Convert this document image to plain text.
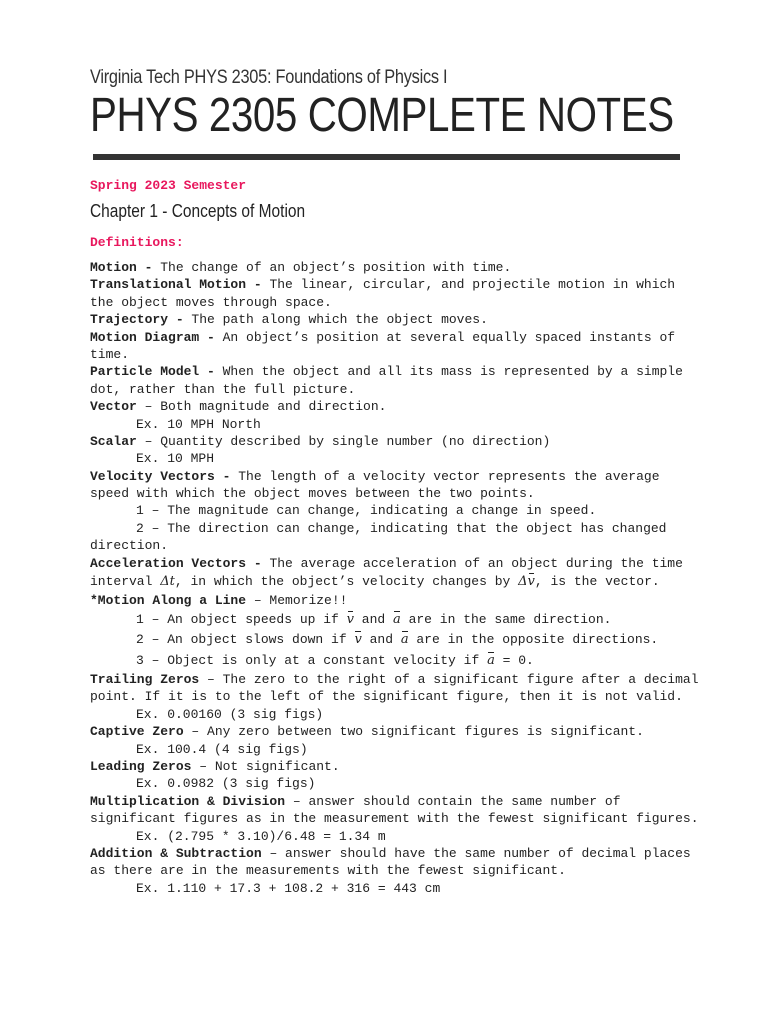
Virginia Tech PHYS 2305: Foundations of Physics I
PHYS 2305 COMPLETE NOTES
Spring 2023 Semester
Chapter 1 - Concepts of Motion
Definitions:
Motion - The change of an object’s position with time.
Translational Motion - The linear, circular, and projectile motion in which
the object moves through space.
Trajectory - The path along which the object moves.
Motion Diagram - An object’s position at several equally spaced instants of
time.
Particle Model - When the object and all its mass is represented by a simple
dot, rather than the full picture.
Vector – Both magnitude and direction.
Ex. 10 MPH North
Scalar – Quantity described by single number (no direction)
Ex. 10 MPH
Velocity Vectors - The length of a velocity vector represents the average
speed with which the object moves between the two points.
1 – The magnitude can change, indicating a change in speed.
2 – The direction can change, indicating that the object has changed
direction.
Acceleration Vectors - The average acceleration of an object during the time
interval Δt, in which the object’s velocity changes by Δv, is the vector.
*Motion Along a Line – Memorize!!
1 – An object speeds up if v and a are in the same direction.
2 – An object slows down if v and a are in the opposite directions.
3 – Object is only at a constant velocity if a = 0.
Trailing Zeros – The zero to the right of a significant figure after a decimal
point. If it is to the left of the significant figure, then it is not valid.
Ex. 0.00160 (3 sig figs)
Captive Zero – Any zero between two significant figures is significant.
Ex. 100.4 (4 sig figs)
Leading Zeros – Not significant.
Ex. 0.0982 (3 sig figs)
Multiplication & Division – answer should contain the same number of
significant figures as in the measurement with the fewest significant figures.
Ex. (2.795 * 3.10)/6.48 = 1.34 m
Addition & Subtraction – answer should have the same number of decimal places
as there are in the measurements with the fewest significant.
Ex. 1.110 + 17.3 + 108.2 + 316 = 443 cm
